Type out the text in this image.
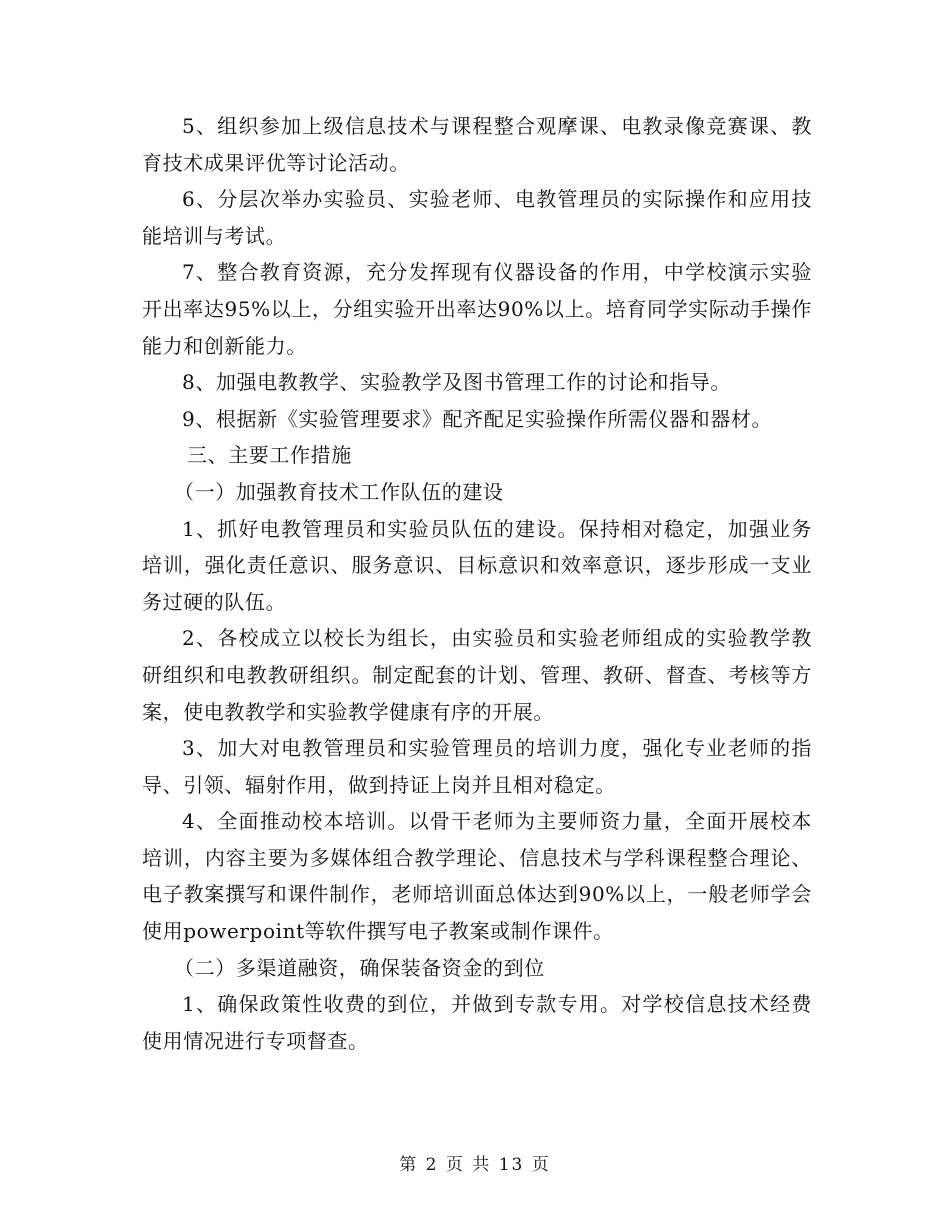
5、组织参加上级信息技术与课程整合观摩课、电教录像竞赛课、教育技术成果评优等讨论活动。

6、分层次举办实验员、实验老师、电教管理员的实际操作和应用技能培训与考试。

7、整合教育资源，充分发挥现有仪器设备的作用，中学校演示实验开出率达95%以上，分组实验开出率达90%以上。培育同学实际动手操作能力和创新能力。

8、加强电教教学、实验教学及图书管理工作的讨论和指导。

9、根据新《实验管理要求》配齐配足实验操作所需仪器和器材。

三、主要工作措施

（一）加强教育技术工作队伍的建设

1、抓好电教管理员和实验员队伍的建设。保持相对稳定，加强业务培训，强化责任意识、服务意识、目标意识和效率意识，逐步形成一支业务过硬的队伍。

2、各校成立以校长为组长，由实验员和实验老师组成的实验教学教研组织和电教教研组织。制定配套的计划、管理、教研、督查、考核等方案，使电教教学和实验教学健康有序的开展。

3、加大对电教管理员和实验管理员的培训力度，强化专业老师的指导、引领、辐射作用，做到持证上岗并且相对稳定。

4、全面推动校本培训。以骨干老师为主要师资力量，全面开展校本培训，内容主要为多媒体组合教学理论、信息技术与学科课程整合理论、电子教案撰写和课件制作，老师培训面总体达到90%以上，一般老师学会使用powerpoint等软件撰写电子教案或制作课件。

（二）多渠道融资，确保装备资金的到位

1、确保政策性收费的到位，并做到专款专用。对学校信息技术经费使用情况进行专项督查。

第 2 页 共 13 页
